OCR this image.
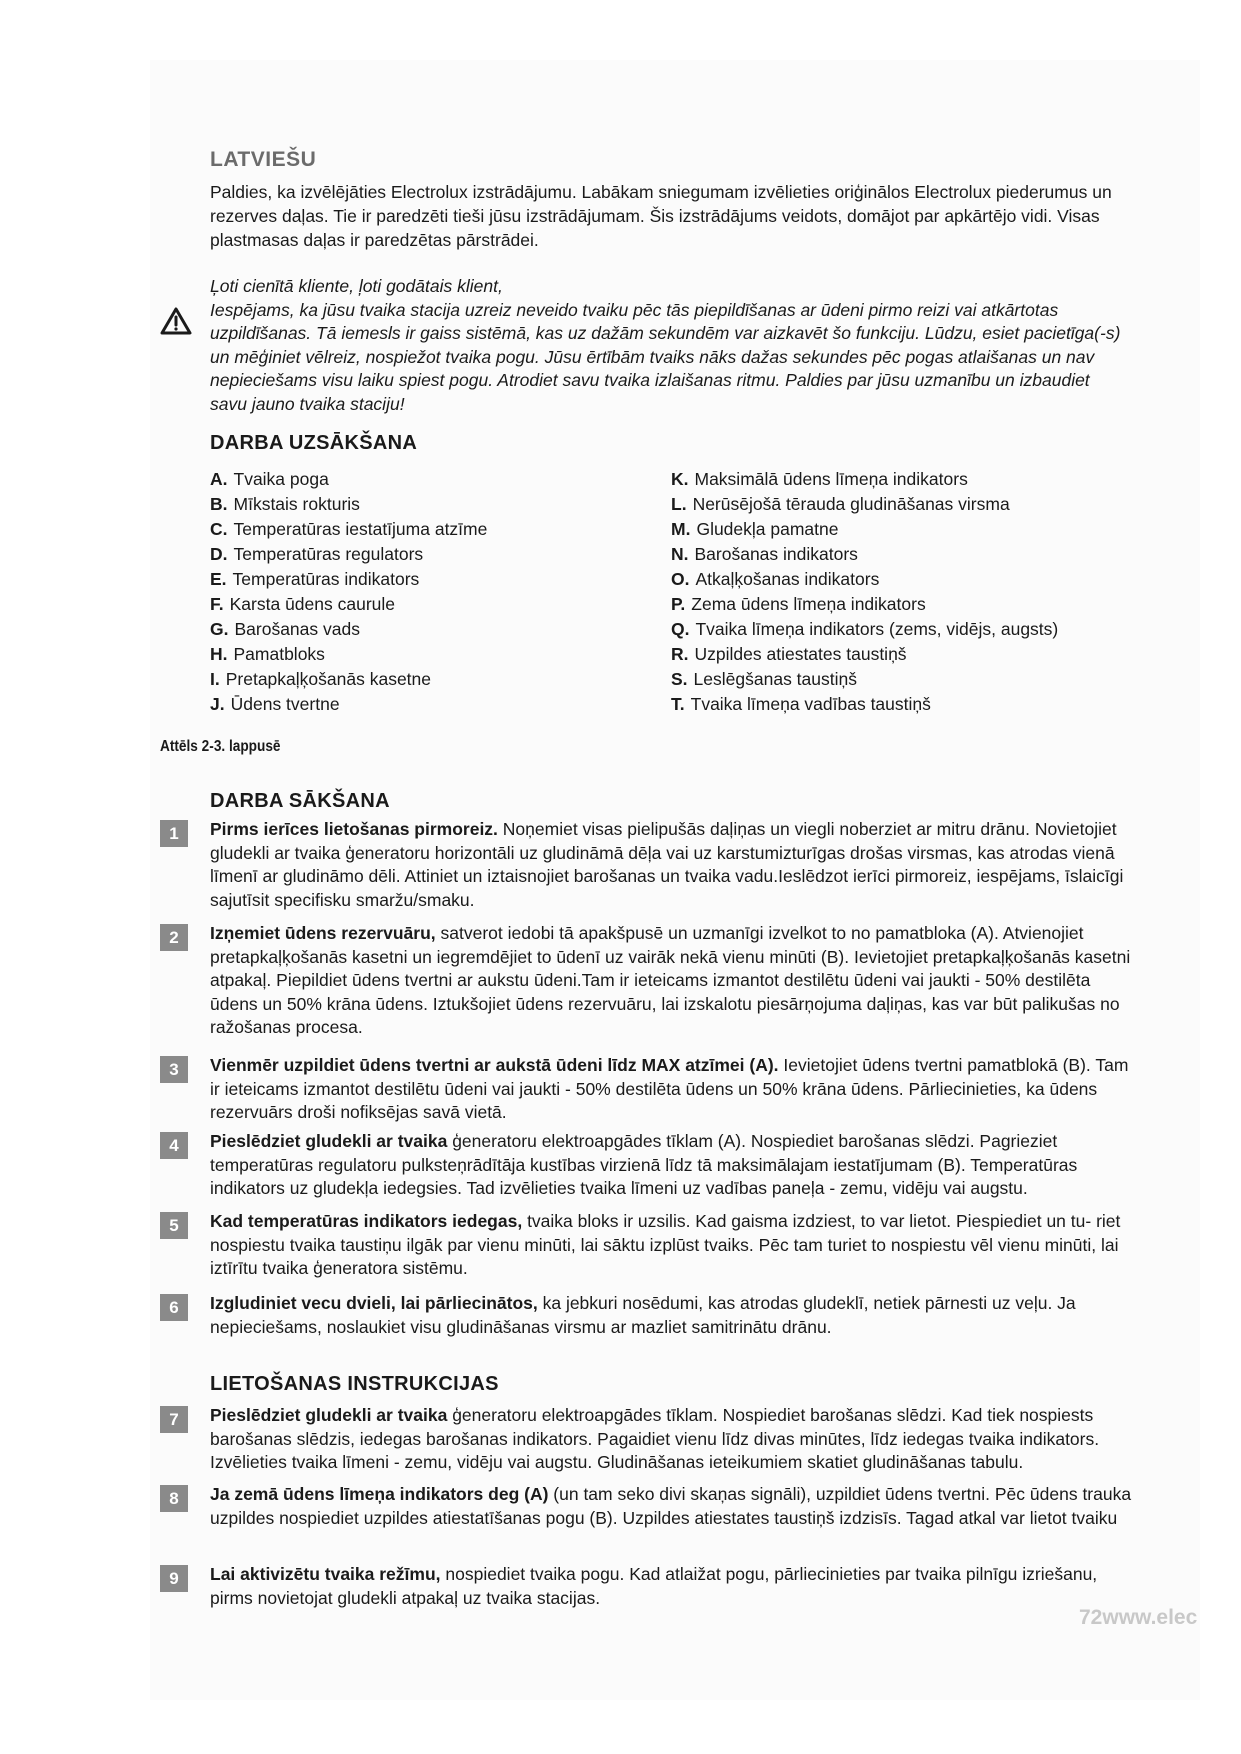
LATVIEŠU
Paldies, ka izvēlējāties Electrolux izstrādājumu. Labākam sniegumam izvēlieties oriģinālos Electrolux piederumus un rezerves daļas. Tie ir paredzēti tieši jūsu izstrādājumam. Šis izstrādājums veidots, domājot par apkārtējo vidi. Visas plastmasas daļas ir paredzētas pārstrādei.

Ļoti cienītā kliente, ļoti godātais klient,

Iespējams, ka jūsu tvaika stacija uzreiz neveido tvaiku pēc tās piepildīšanas ar ūdeni pirmo reizi vai atkārtotas uzpildīšanas. Tā iemesls ir gaiss sistēmā, kas uz dažām sekundēm var aizkavēt šo funkciju. Lūdzu, esiet pacietīga(-s) un mēģiniet vēlreiz, nospiežot tvaika pogu. Jūsu ērtībām tvaiks nāks dažas sekundes pēc pogas atlaišanas un nav nepieciešams visu laiku spiest pogu. Atrodiet savu tvaika izlaišanas ritmu. Paldies par jūsu uzmanību un izbaudiet savu jauno tvaika staciju!

DARBA UZSĀKŠANA
A. Tvaika poga
B. Mīkstais rokturis
C. Temperatūras iestatījuma atzīme
D. Temperatūras regulators
E. Temperatūras indikators
F. Karsta ūdens caurule
G. Barošanas vads
H. Pamatbloks
I. Pretapkaļķošanās kasetne
J. Ūdens tvertne
K. Maksimālā ūdens līmeņa indikators
L. Nerūsējošā tērauda gludināšanas virsma
M. Gludekļa pamatne
N. Barošanas indikators
O. Atkaļķošanas indikators
P. Zema ūdens līmeņa indikators
Q. Tvaika līmeņa indikators (zems, vidējs, augsts)
R. Uzpildes atiestates taustiņš
S. Leslēgšanas taustiņš
T. Tvaika līmeņa vadības taustiņš
Attēls 2-3. lappusē
DARBA SĀKŠANA
LIETOŠANAS INSTRUKCIJAS
1	Pirms ierīces lietošanas pirmoreiz. Noņemiet visas pielipušās daļiņas un viegli noberziet ar mitru drānu. Novietojiet gludekli ar tvaika ģeneratoru horizontāli uz gludināmā dēļa vai uz karstumizturīgas drošas virsmas, kas atrodas vienā līmenī ar gludināmo dēli. Attiniet un iztaisnojiet barošanas un tvaika vadu.Ieslēdzot ierīci pirmoreiz, iespējams, īslaicīgi sajutīsit specifisku smaržu/smaku.
2	Izņemiet ūdens rezervuāru, satverot iedobi tā apakšpusē un uzmanīgi izvelkot to no pamatbloka (A). Atvienojiet pretapkaļķošanās kasetni un iegremdējiet to ūdenī uz vairāk nekā vienu minūti (B). Ievietojiet pretapkaļķošanās kasetni atpakaļ. Piepildiet ūdens tvertni ar aukstu ūdeni.Tam ir ieteicams izmantot destilētu ūdeni vai jaukti - 50% destilēta ūdens un 50% krāna ūdens. Iztukšojiet ūdens rezervuāru, lai izskalotu piesārņojuma daļiņas, kas var būt palikušas no ražošanas procesa.
3	Vienmēr uzpildiet ūdens tvertni ar aukstā ūdeni līdz MAX atzīmei (A). Ievietojiet ūdens tvertni pamatblokā (B). Tam ir ieteicams izmantot destilētu ūdeni vai jaukti - 50% destilēta ūdens un 50% krāna ūdens. Pārliecinieties, ka ūdens rezervuārs droši nofiksējas savā vietā.
4	Pieslēdziet gludekli ar tvaika ģeneratoru elektroapgādes tīklam (A). Nospiediet barošanas slēdzi. Pagrieziet temperatūras regulatoru pulksteņrādītāja kustības virzienā līdz tā maksimālajam iestatījumam (B). Temperatūras indikators uz gludekļa iedegsies. Tad izvēlieties tvaika līmeni uz vadības paneļa - zemu, vidēju vai augstu.
5	Kad temperatūras indikators iedegas, tvaika bloks ir uzsilis. Kad gaisma izdziest, to var lietot. Piespiediet un tu- riet nospiestu tvaika taustiņu ilgāk par vienu minūti, lai sāktu izplūst tvaiks. Pēc tam turiet to nospiestu vēl vienu minūti, lai iztīrītu tvaika ģeneratora sistēmu.
6	Izgludiniet vecu dvieli, lai pārliecinātos, ka jebkuri nosēdumi, kas atrodas gludeklī, netiek pārnesti uz veļu. Ja nepieciešams, noslaukiet visu gludināšanas virsmu ar mazliet samitrinātu drānu.
7	Pieslēdziet gludekli ar tvaika ģeneratoru elektroapgādes tīklam. Nospiediet barošanas slēdzi. Kad tiek nospiests barošanas slēdzis, iedegas barošanas indikators. Pagaidiet vienu līdz divas minūtes, līdz iedegas tvaika indikators. Izvēlieties tvaika līmeni - zemu, vidēju vai augstu. Gludināšanas ieteikumiem skatiet gludināšanas tabulu.
8	Ja zemā ūdens līmeņa indikators deg (A) (un tam seko divi skaņas signāli), uzpildiet ūdens tvertni. Pēc ūdens trauka uzpildes nospiediet uzpildes atiestatīšanas pogu (B). Uzpildes atiestates taustiņš izdzisīs. Tagad atkal var lietot tvaiku
9	Lai aktivizētu tvaika režīmu, nospiediet tvaika pogu. Kad atlaižat pogu, pārliecinieties par tvaika pilnīgu izriešanu, pirms novietojat gludekli atpakaļ uz tvaika stacijas.
72www.elec
